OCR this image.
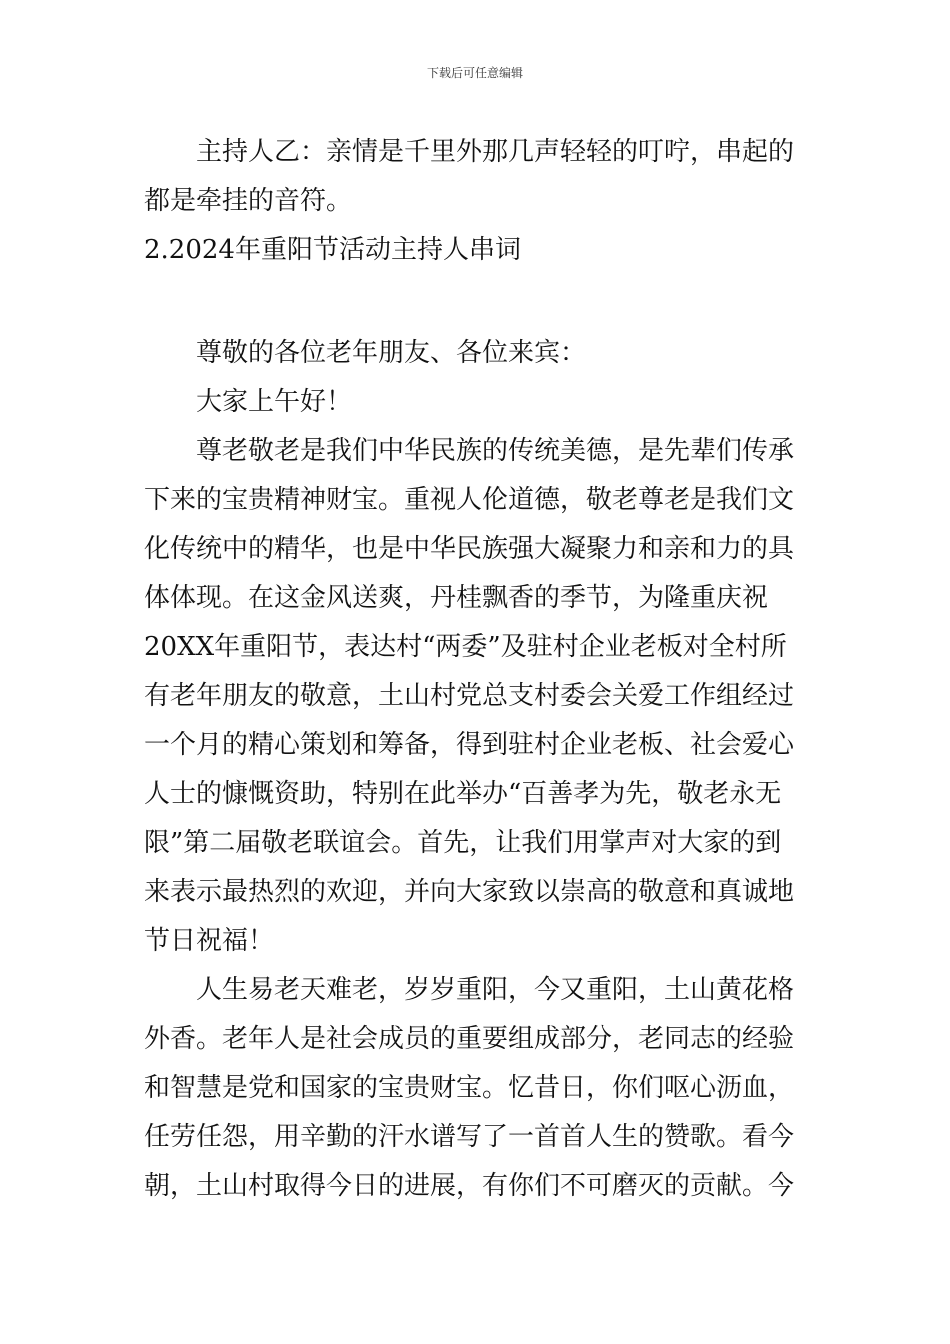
下载后可任意编辑
主持人乙：亲情是千里外那几声轻轻的叮咛，串起的
都是牵挂的音符。
2.2024年重阳节活动主持人串词
尊敬的各位老年朋友、各位来宾：
大家上午好！
尊老敬老是我们中华民族的传统美德，是先辈们传承
下来的宝贵精神财宝。重视人伦道德，敬老尊老是我们文
化传统中的精华，也是中华民族强大凝聚力和亲和力的具
体体现。在这金风送爽，丹桂飘香的季节，为隆重庆祝
20XX年重阳节，表达村“两委”及驻村企业老板对全村所
有老年朋友的敬意，土山村党总支村委会关爱工作组经过
一个月的精心策划和筹备，得到驻村企业老板、社会爱心
人士的慷慨资助，特别在此举办“百善孝为先，敬老永无
限”第二届敬老联谊会。首先，让我们用掌声对大家的到
来表示最热烈的欢迎，并向大家致以崇高的敬意和真诚地
节日祝福！
人生易老天难老，岁岁重阳，今又重阳，土山黄花格
外香。老年人是社会成员的重要组成部分，老同志的经验
和智慧是党和国家的宝贵财宝。忆昔日，你们呕心沥血，
任劳任怨，用辛勤的汗水谱写了一首首人生的赞歌。看今
朝，土山村取得今日的进展，有你们不可磨灭的贡献。今
